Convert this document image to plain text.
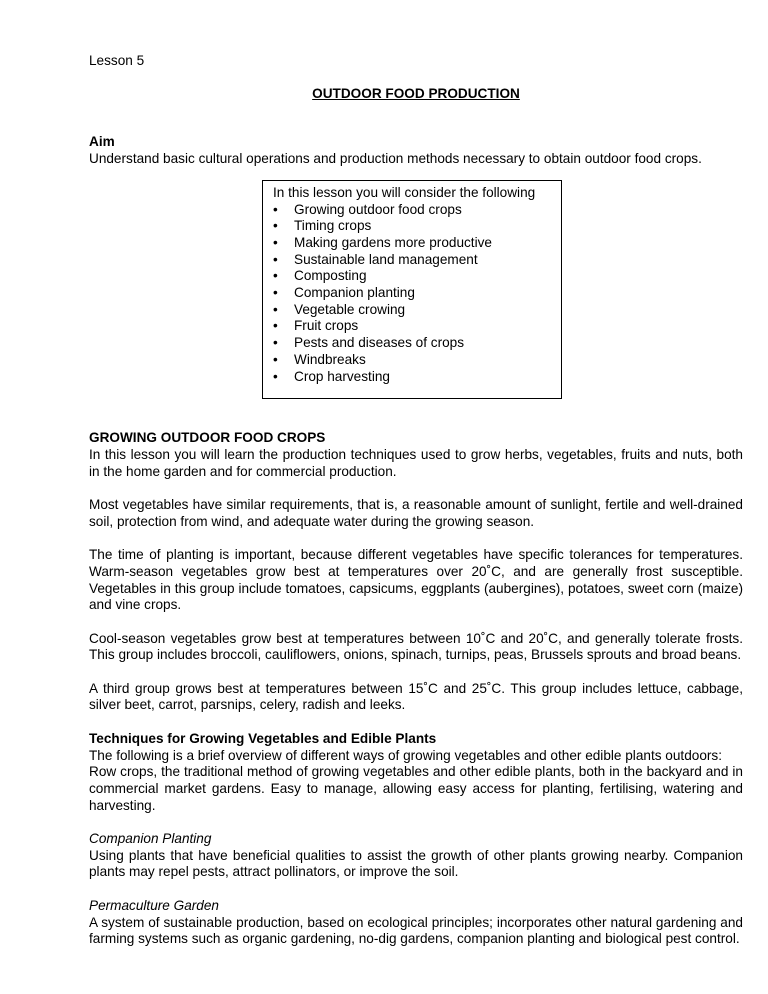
Lesson 5

OUTDOOR FOOD PRODUCTION

Aim

Understand basic cultural operations and production methods necessary to obtain outdoor food crops.

In this lesson you will consider the following

• Growing outdoor food crops
• Timing crops
• Making gardens more productive
• Sustainable land management
• Composting
• Companion planting
• Vegetable crowing
• Fruit crops
• Pests and diseases of crops
• Windbreaks
• Crop harvesting

GROWING OUTDOOR FOOD CROPS

In this lesson you will learn the production techniques used to grow herbs, vegetables, fruits and nuts, both in the home garden and for commercial production.

Most vegetables have similar requirements, that is, a reasonable amount of sunlight, fertile and well-drained soil, protection from wind, and adequate water during the growing season.

The time of planting is important, because different vegetables have specific tolerances for temperatures. Warm-season vegetables grow best at temperatures over 20˚C, and are generally frost susceptible. Vegetables in this group include tomatoes, capsicums, eggplants (aubergines), potatoes, sweet corn (maize) and vine crops.

Cool-season vegetables grow best at temperatures between 10˚C and 20˚C, and generally tolerate frosts. This group includes broccoli, cauliflowers, onions, spinach, turnips, peas, Brussels sprouts and broad beans.

A third group grows best at temperatures between 15˚C and 25˚C. This group includes lettuce, cabbage, silver beet, carrot, parsnips, celery, radish and leeks.

Techniques for Growing Vegetables and Edible Plants

The following is a brief overview of different ways of growing vegetables and other edible plants outdoors:

Row crops, the traditional method of growing vegetables and other edible plants, both in the backyard and in commercial market gardens. Easy to manage, allowing easy access for planting, fertilising, watering and harvesting.

Companion Planting

Using plants that have beneficial qualities to assist the growth of other plants growing nearby. Companion plants may repel pests, attract pollinators, or improve the soil.

Permaculture Garden

A system of sustainable production, based on ecological principles; incorporates other natural gardening and farming systems such as organic gardening, no-dig gardens, companion planting and biological pest control.
